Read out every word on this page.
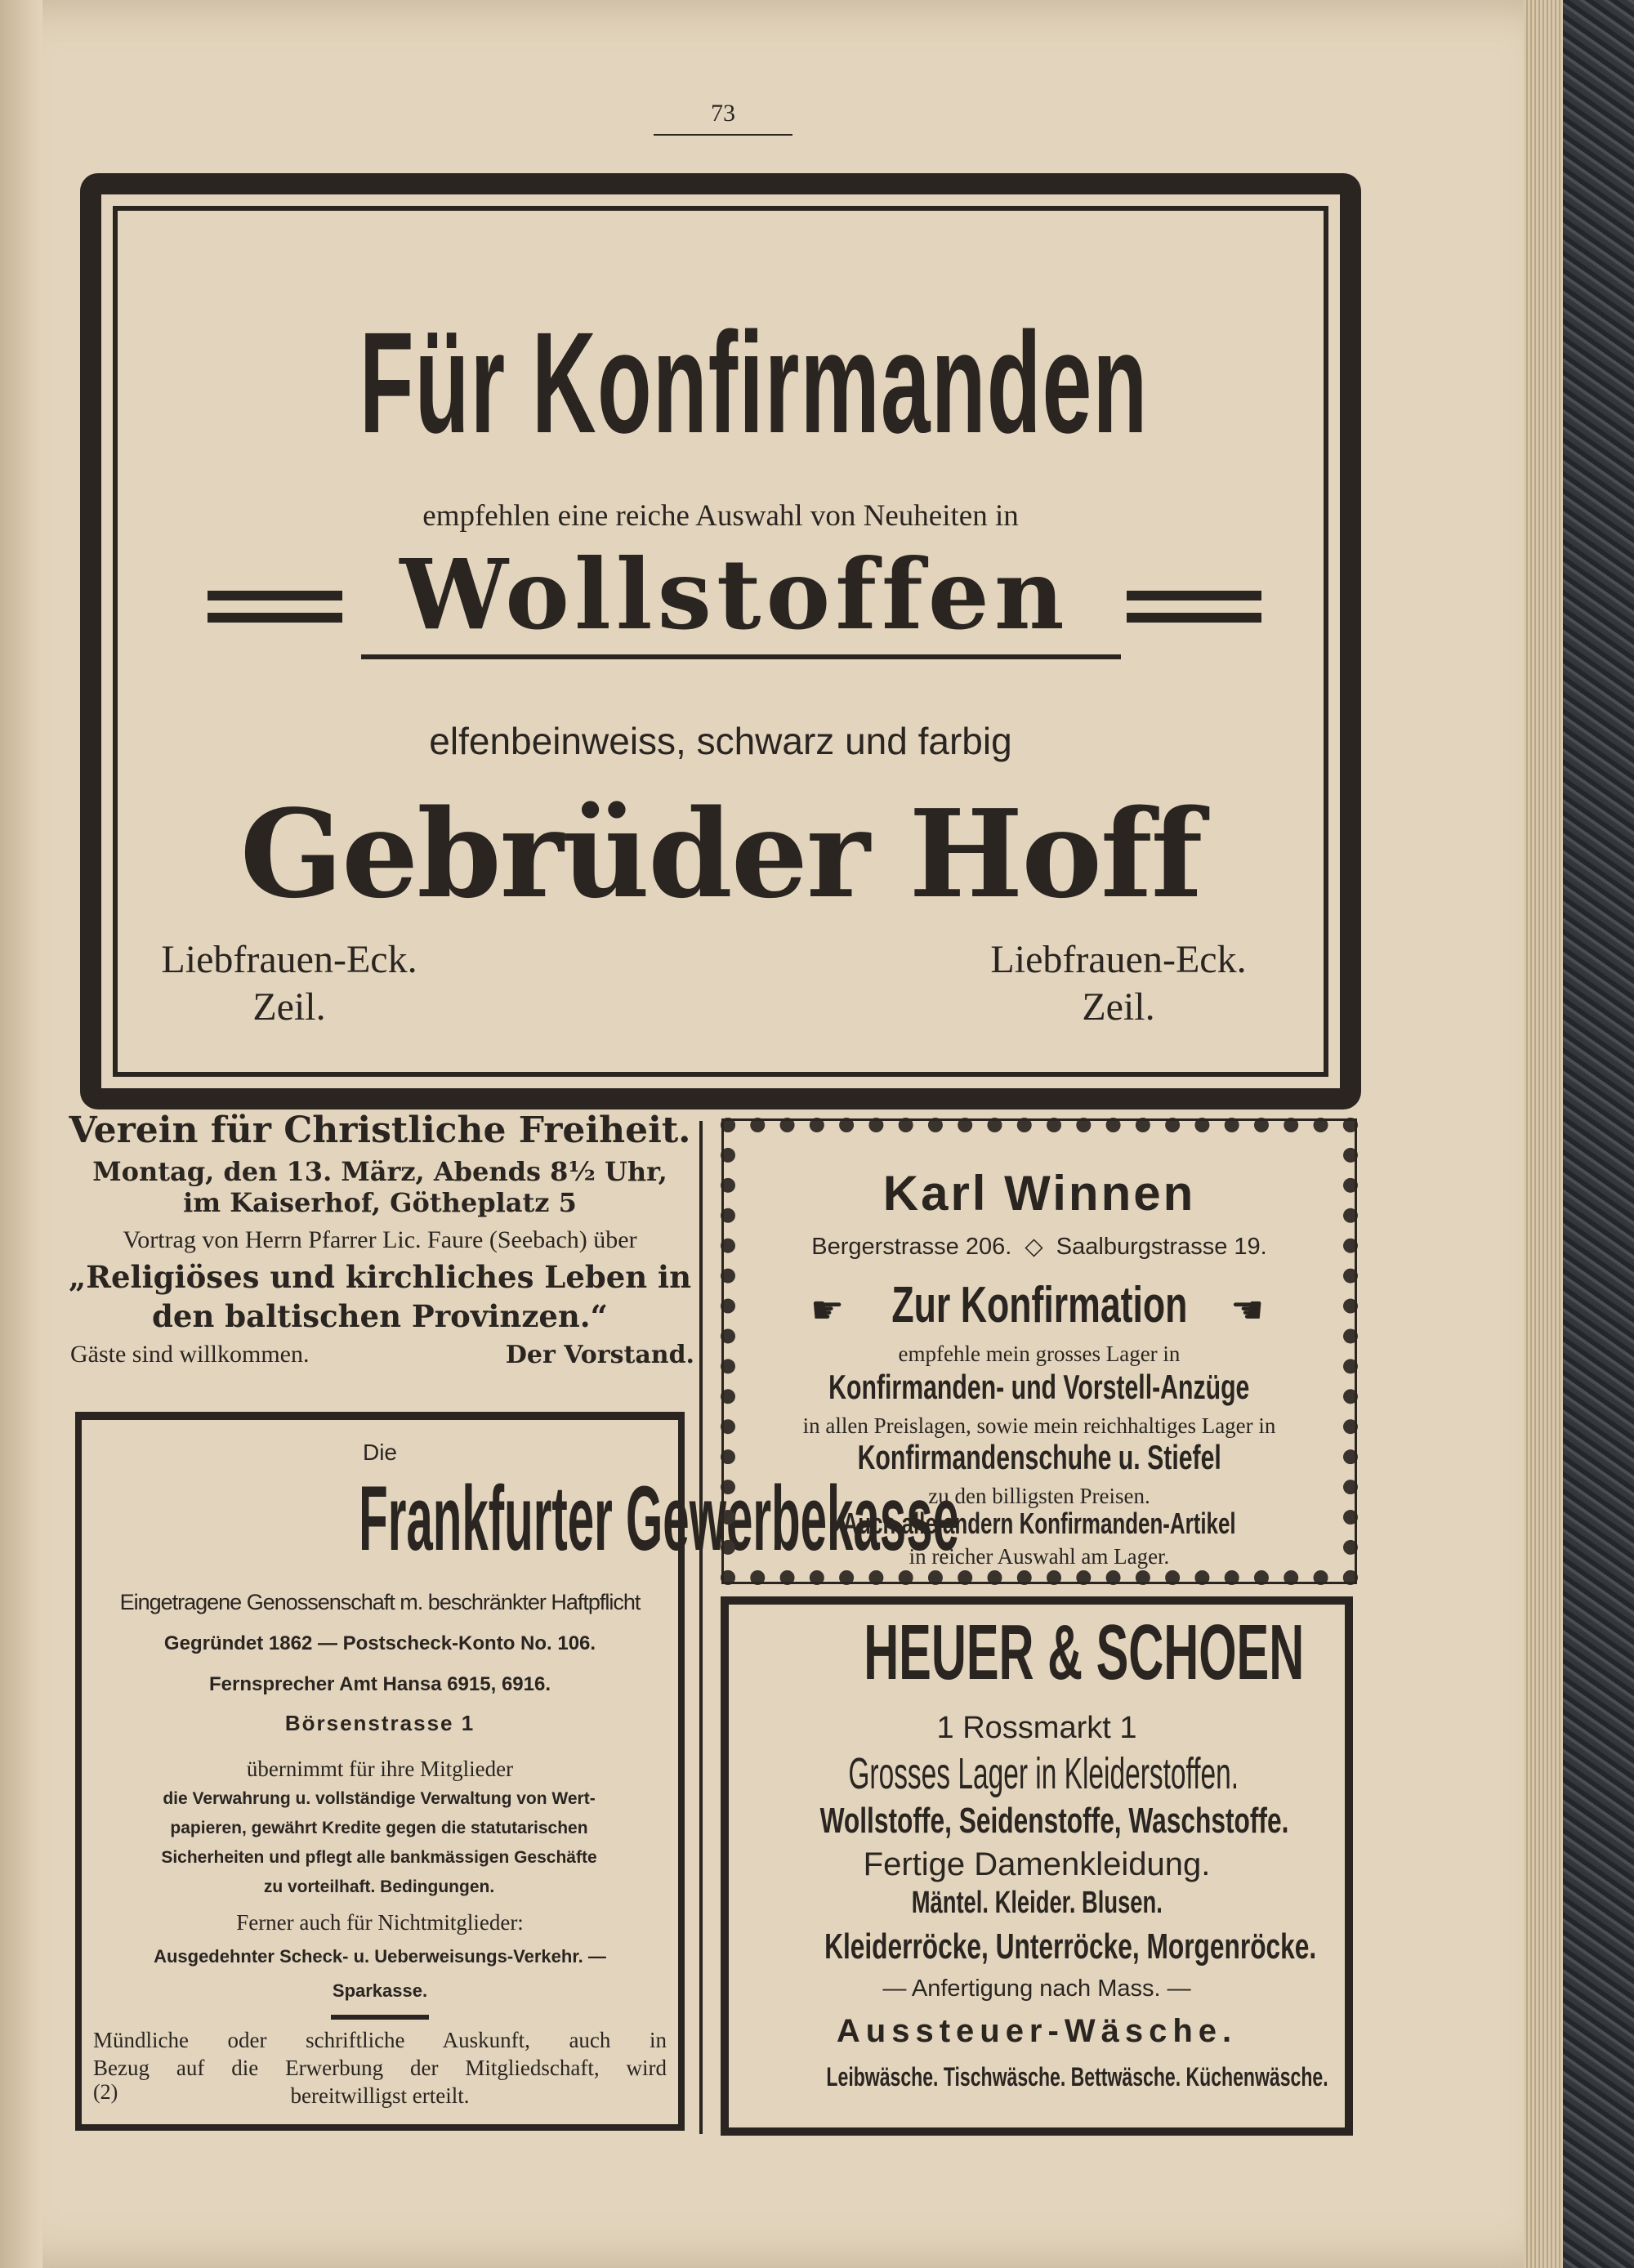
73
Für Konfirmanden
empfehlen eine reiche Auswahl von Neuheiten in
Wollstoffen
elfenbeinweiss, schwarz und farbig
Gebrüder Hoff
Liebfrauen-Eck.
Zeil.
Liebfrauen-Eck.
Zeil.
Verein für Christliche Freiheit.
Montag, den 13. März, Abends 8½ Uhr,
im Kaiserhof, Götheplatz 5
Vortrag von Herrn Pfarrer Lic. Faure (Seebach) über
„Religiöses und kirchliches Leben in
den baltischen Provinzen.“
Gäste sind willkommen.	Der Vorstand.
Die
Frankfurter Gewerbekasse
Eingetragene Genossenschaft m. beschränkter Haftpflicht
Gegründet 1862 — Postscheck-Konto No. 106.
Fernsprecher Amt Hansa 6915, 6916.
Börsenstrasse 1
übernimmt für ihre Mitglieder
die Verwahrung u. vollständige Verwaltung von Wert-
papieren, gewährt Kredite gegen die statutarischen
Sicherheiten und pflegt alle bankmässigen Geschäfte
zu vorteilhaft. Bedingungen.
Ferner auch für Nichtmitglieder:
Ausgedehnter Scheck- u. Ueberweisungs-Verkehr. —
Sparkasse.
Mündliche oder schriftliche Auskunft, auch in
Bezug auf die Erwerbung der Mitgliedschaft, wird
bereitwilligst erteilt.
(2)
Karl Winnen
Bergerstrasse 206.  ◇  Saalburgstrasse 19.
☛ Zur Konfirmation	☛
empfehle mein grosses Lager in
Konfirmanden- und Vorstell-Anzüge
in allen Preislagen, sowie mein reichhaltiges Lager in
Konfirmandenschuhe u. Stiefel
zu den billigsten Preisen.
Auch alle andern Konfirmanden-Artikel
in reicher Auswahl am Lager.
HEUER & SCHOEN
1 Rossmarkt 1
Grosses Lager in Kleiderstoffen.
Wollstoffe, Seidenstoffe, Waschstoffe.
Fertige Damenkleidung.
Mäntel. Kleider. Blusen.
Kleiderröcke, Unterröcke, Morgenröcke.
— Anfertigung nach Mass. —
Aussteuer-Wäsche.
Leibwäsche. Tischwäsche. Bettwäsche. Küchenwäsche.
